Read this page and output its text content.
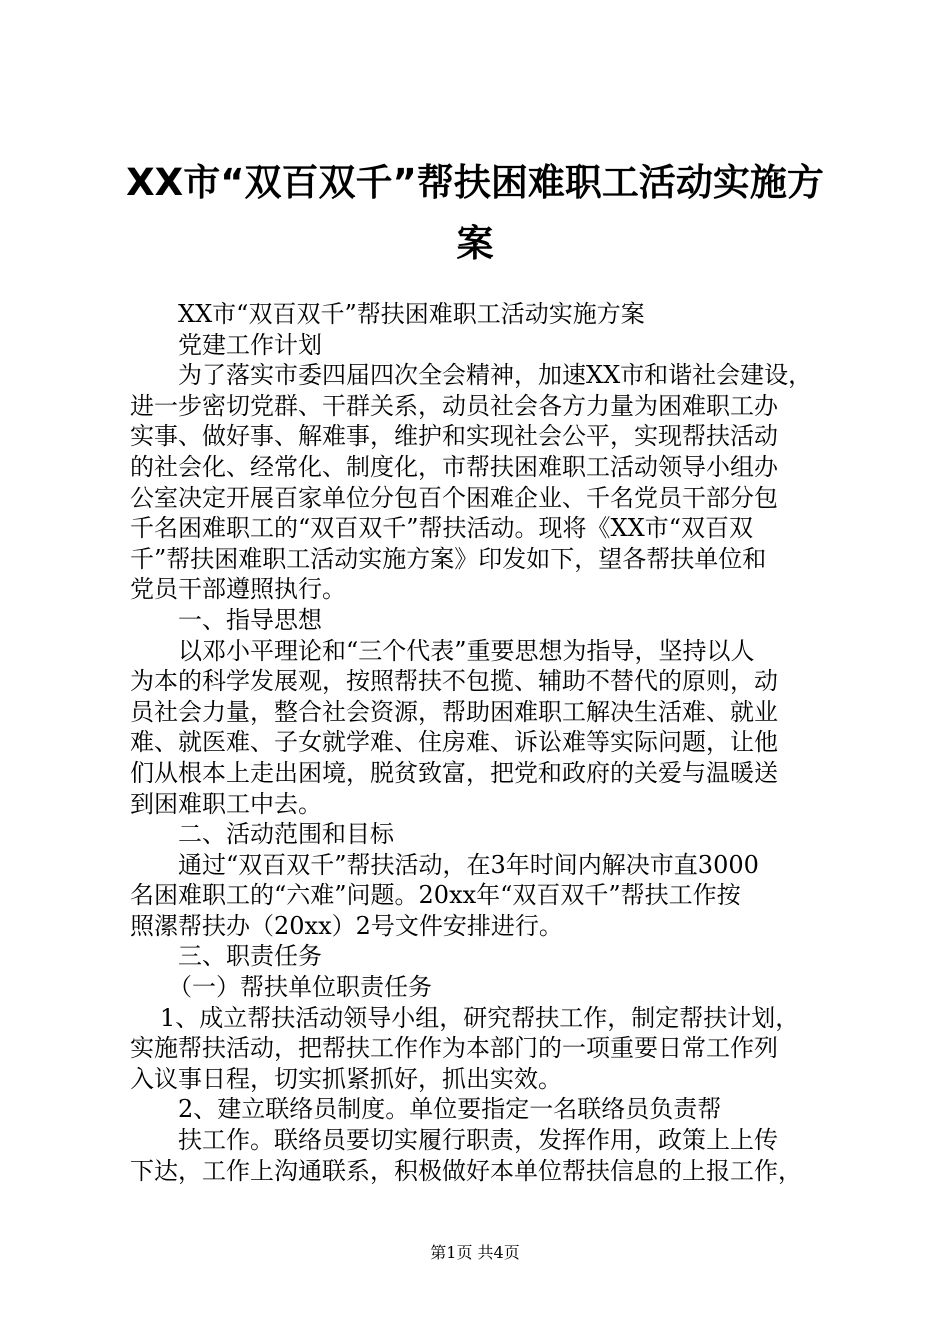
XX市“双百双千”帮扶困难职工活动实施方
案
XX市“双百双千”帮扶困难职工活动实施方案
党建工作计划
为了落实市委四届四次全会精神，加速XX市和谐社会建设，
进一步密切党群、干群关系，动员社会各方力量为困难职工办
实事、做好事、解难事，维护和实现社会公平，实现帮扶活动
的社会化、经常化、制度化，市帮扶困难职工活动领导小组办
公室决定开展百家单位分包百个困难企业、千名党员干部分包
千名困难职工的“双百双千”帮扶活动。现将《XX市“双百双
千”帮扶困难职工活动实施方案》印发如下，望各帮扶单位和
党员干部遵照执行。
一、指导思想
以邓小平理论和“三个代表”重要思想为指导，坚持以人
为本的科学发展观，按照帮扶不包揽、辅助不替代的原则，动
员社会力量，整合社会资源，帮助困难职工解决生活难、就业
难、就医难、子女就学难、住房难、诉讼难等实际问题，让他
们从根本上走出困境，脱贫致富，把党和政府的关爱与温暖送
到困难职工中去。
二、活动范围和目标
通过“双百双千”帮扶活动，在3年时间内解决市直3000
名困难职工的“六难”问题。20xx年“双百双千”帮扶工作按
照漯帮扶办（20xx）2号文件安排进行。
三、职责任务
（一）帮扶单位职责任务
1、成立帮扶活动领导小组，研究帮扶工作，制定帮扶计划，
实施帮扶活动，把帮扶工作作为本部门的一项重要日常工作列
入议事日程，切实抓紧抓好，抓出实效。
2、建立联络员制度。单位要指定一名联络员负责帮
扶工作。联络员要切实履行职责，发挥作用，政策上上传
下达，工作上沟通联系，积极做好本单位帮扶信息的上报工作，
第1页 共4页
